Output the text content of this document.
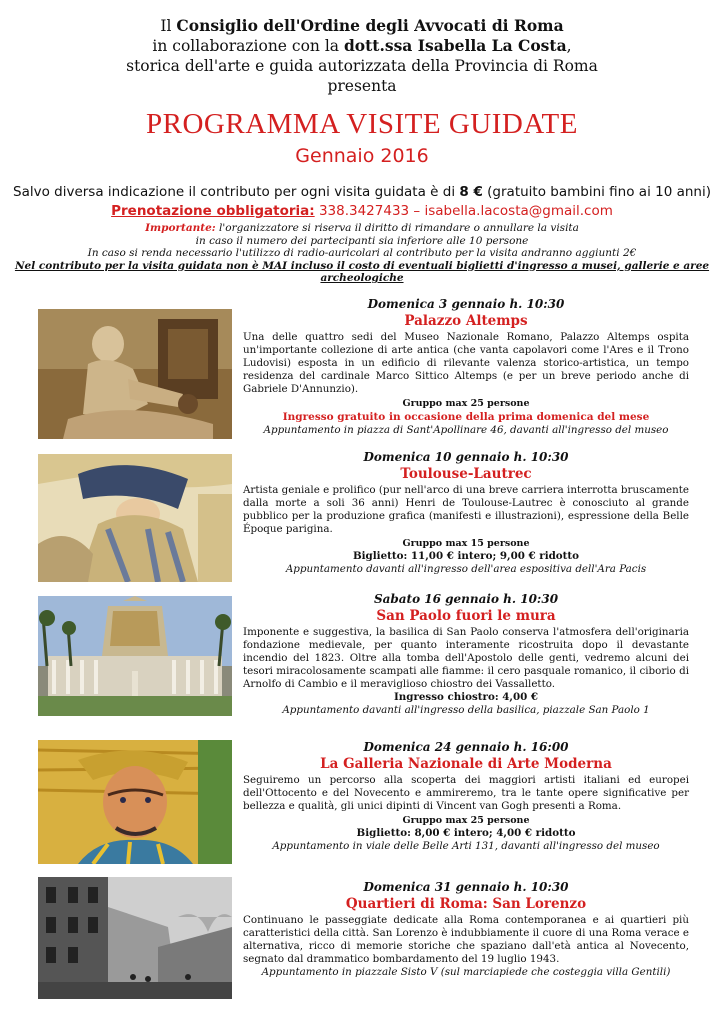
Il Consiglio dell'Ordine degli Avvocati di Roma
in collaborazione con la dott.ssa Isabella La Costa,
storica dell'arte e guida autorizzata della Provincia di Roma
presenta
PROGRAMMA VISITE GUIDATE
Gennaio 2016
Salvo diversa indicazione il contributo per ogni visita guidata è di 8 € (gratuito bambini fino ai 10 anni)
Prenotazione obbligatoria: 338.3427433 – isabella.lacosta@gmail.com
Importante: l'organizzatore si riserva il diritto di rimandare o annullare la visita
in caso il numero dei partecipanti sia inferiore alle 10 persone
In caso si renda necessario l'utilizzo di radio-auricolari al contributo per la visita andranno aggiunti 2€
Nel contributo per la visita guidata non è MAI incluso il costo di eventuali biglietti d'ingresso a musei, gallerie e aree archeologiche
Domenica 3 gennaio h. 10:30
Palazzo Altemps
Una delle quattro sedi del Museo Nazionale Romano, Palazzo Altemps ospita un'importante collezione di arte antica (che vanta capolavori come l'Ares e il Trono Ludovisi) esposta in un edificio di rilevante valenza storico-artistica, un tempo residenza del cardinale Marco Sittico Altemps (e per un breve periodo anche di Gabriele D'Annunzio).
Gruppo max 25 persone
Ingresso gratuito in occasione della prima domenica del mese
Appuntamento in piazza di Sant'Apollinare 46, davanti all'ingresso del museo
Domenica 10 gennaio h. 10:30
Toulouse-Lautrec
Artista geniale e prolifico (pur nell'arco di una breve carriera interrotta bruscamente dalla morte a soli 36 anni) Henri de Toulouse-Lautrec è conosciuto al grande pubblico per la produzione grafica (manifesti e illustrazioni), espressione della Belle Époque parigina.
Gruppo max 15 persone
Biglietto: 11,00 € intero; 9,00 € ridotto
Appuntamento davanti all'ingresso dell'area espositiva dell'Ara Pacis
Sabato 16 gennaio h. 10:30
San Paolo fuori le mura
Imponente e suggestiva, la basilica di San Paolo conserva l'atmosfera dell'originaria fondazione medievale, per quanto interamente ricostruita dopo il devastante incendio del 1823. Oltre alla tomba dell'Apostolo delle genti, vedremo alcuni dei tesori miracolosamente scampati alle fiamme: il cero pasquale romanico, il ciborio di Arnolfo di Cambio e il meraviglioso chiostro dei Vassalletto.
Ingresso chiostro: 4,00 €
Appuntamento davanti all'ingresso della basilica, piazzale San Paolo 1
Domenica 24 gennaio h. 16:00
La Galleria Nazionale di Arte Moderna
Seguiremo un percorso alla scoperta dei maggiori artisti italiani ed europei dell'Ottocento e del Novecento e ammireremo, tra le tante opere significative per bellezza e qualità, gli unici dipinti di Vincent van Gogh presenti a Roma.
Gruppo max 25 persone
Biglietto: 8,00 € intero; 4,00 € ridotto
Appuntamento in viale delle Belle Arti 131, davanti all'ingresso del museo
Domenica 31 gennaio h. 10:30
Quartieri di Roma: San Lorenzo
Continuano le passeggiate dedicate alla Roma contemporanea e ai quartieri più caratteristici della città. San Lorenzo è indubbiamente il cuore di una Roma verace e alternativa, ricco di memorie storiche che spaziano dall'età antica al Novecento, segnato dal drammatico bombardamento del 19 luglio 1943.
Appuntamento in piazzale Sisto V (sul marciapiede che costeggia villa Gentili)
